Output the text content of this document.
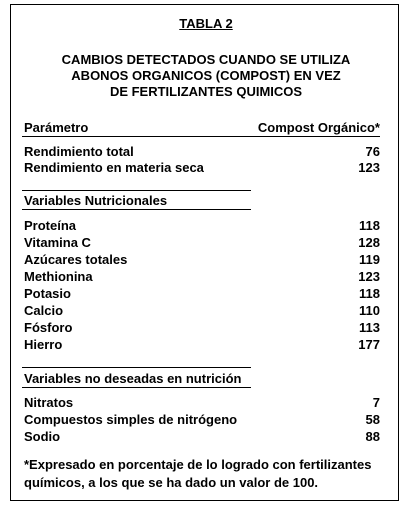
TABLA 2
CAMBIOS DETECTADOS CUANDO SE UTILIZA
ABONOS ORGANICOS (COMPOST) EN VEZ
DE FERTILIZANTES QUIMICOS
Parámetro	Compost Orgánico*
Rendimiento total	76
Rendimiento en materia seca	123
Variables Nutricionales
Proteína	118
Vitamina C	128
Azúcares totales	119
Methionina	123
Potasio	118
Calcio	110
Fósforo	113
Hierro	177
Variables no deseadas en nutrición
Nitratos	7
Compuestos simples de nitrógeno	58
Sodio	88
*Expresado en porcentaje de lo logrado con fertilizantes químicos, a los que se ha dado un valor de 100.
